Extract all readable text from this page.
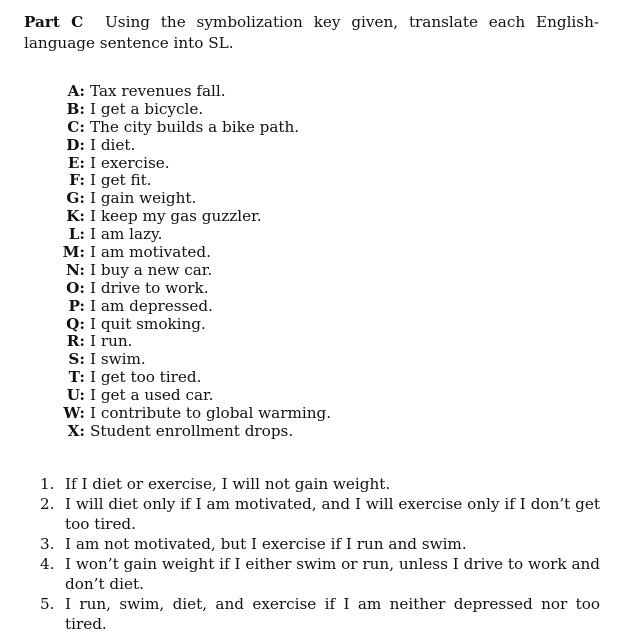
Part C Using the symbolization key given, translate each English-language sentence into SL.

A: Tax revenues fall.
B: I get a bicycle.
C: The city builds a bike path.
D: I diet.
E: I exercise.
F: I get fit.
G: I gain weight.
K: I keep my gas guzzler.
L: I am lazy.
M: I am motivated.
N: I buy a new car.
O: I drive to work.
P: I am depressed.
Q: I quit smoking.
R: I run.
S: I swim.
T: I get too tired.
U: I get a used car.
W: I contribute to global warming.
X: Student enrollment drops.
1. If I diet or exercise, I will not gain weight.
2. I will diet only if I am motivated, and I will exercise only if I don’t get too tired.
3. I am not motivated, but I exercise if I run and swim.
4. I won’t gain weight if I either swim or run, unless I drive to work and don’t diet.
5. I run, swim, diet, and exercise if I am neither depressed nor too tired.
